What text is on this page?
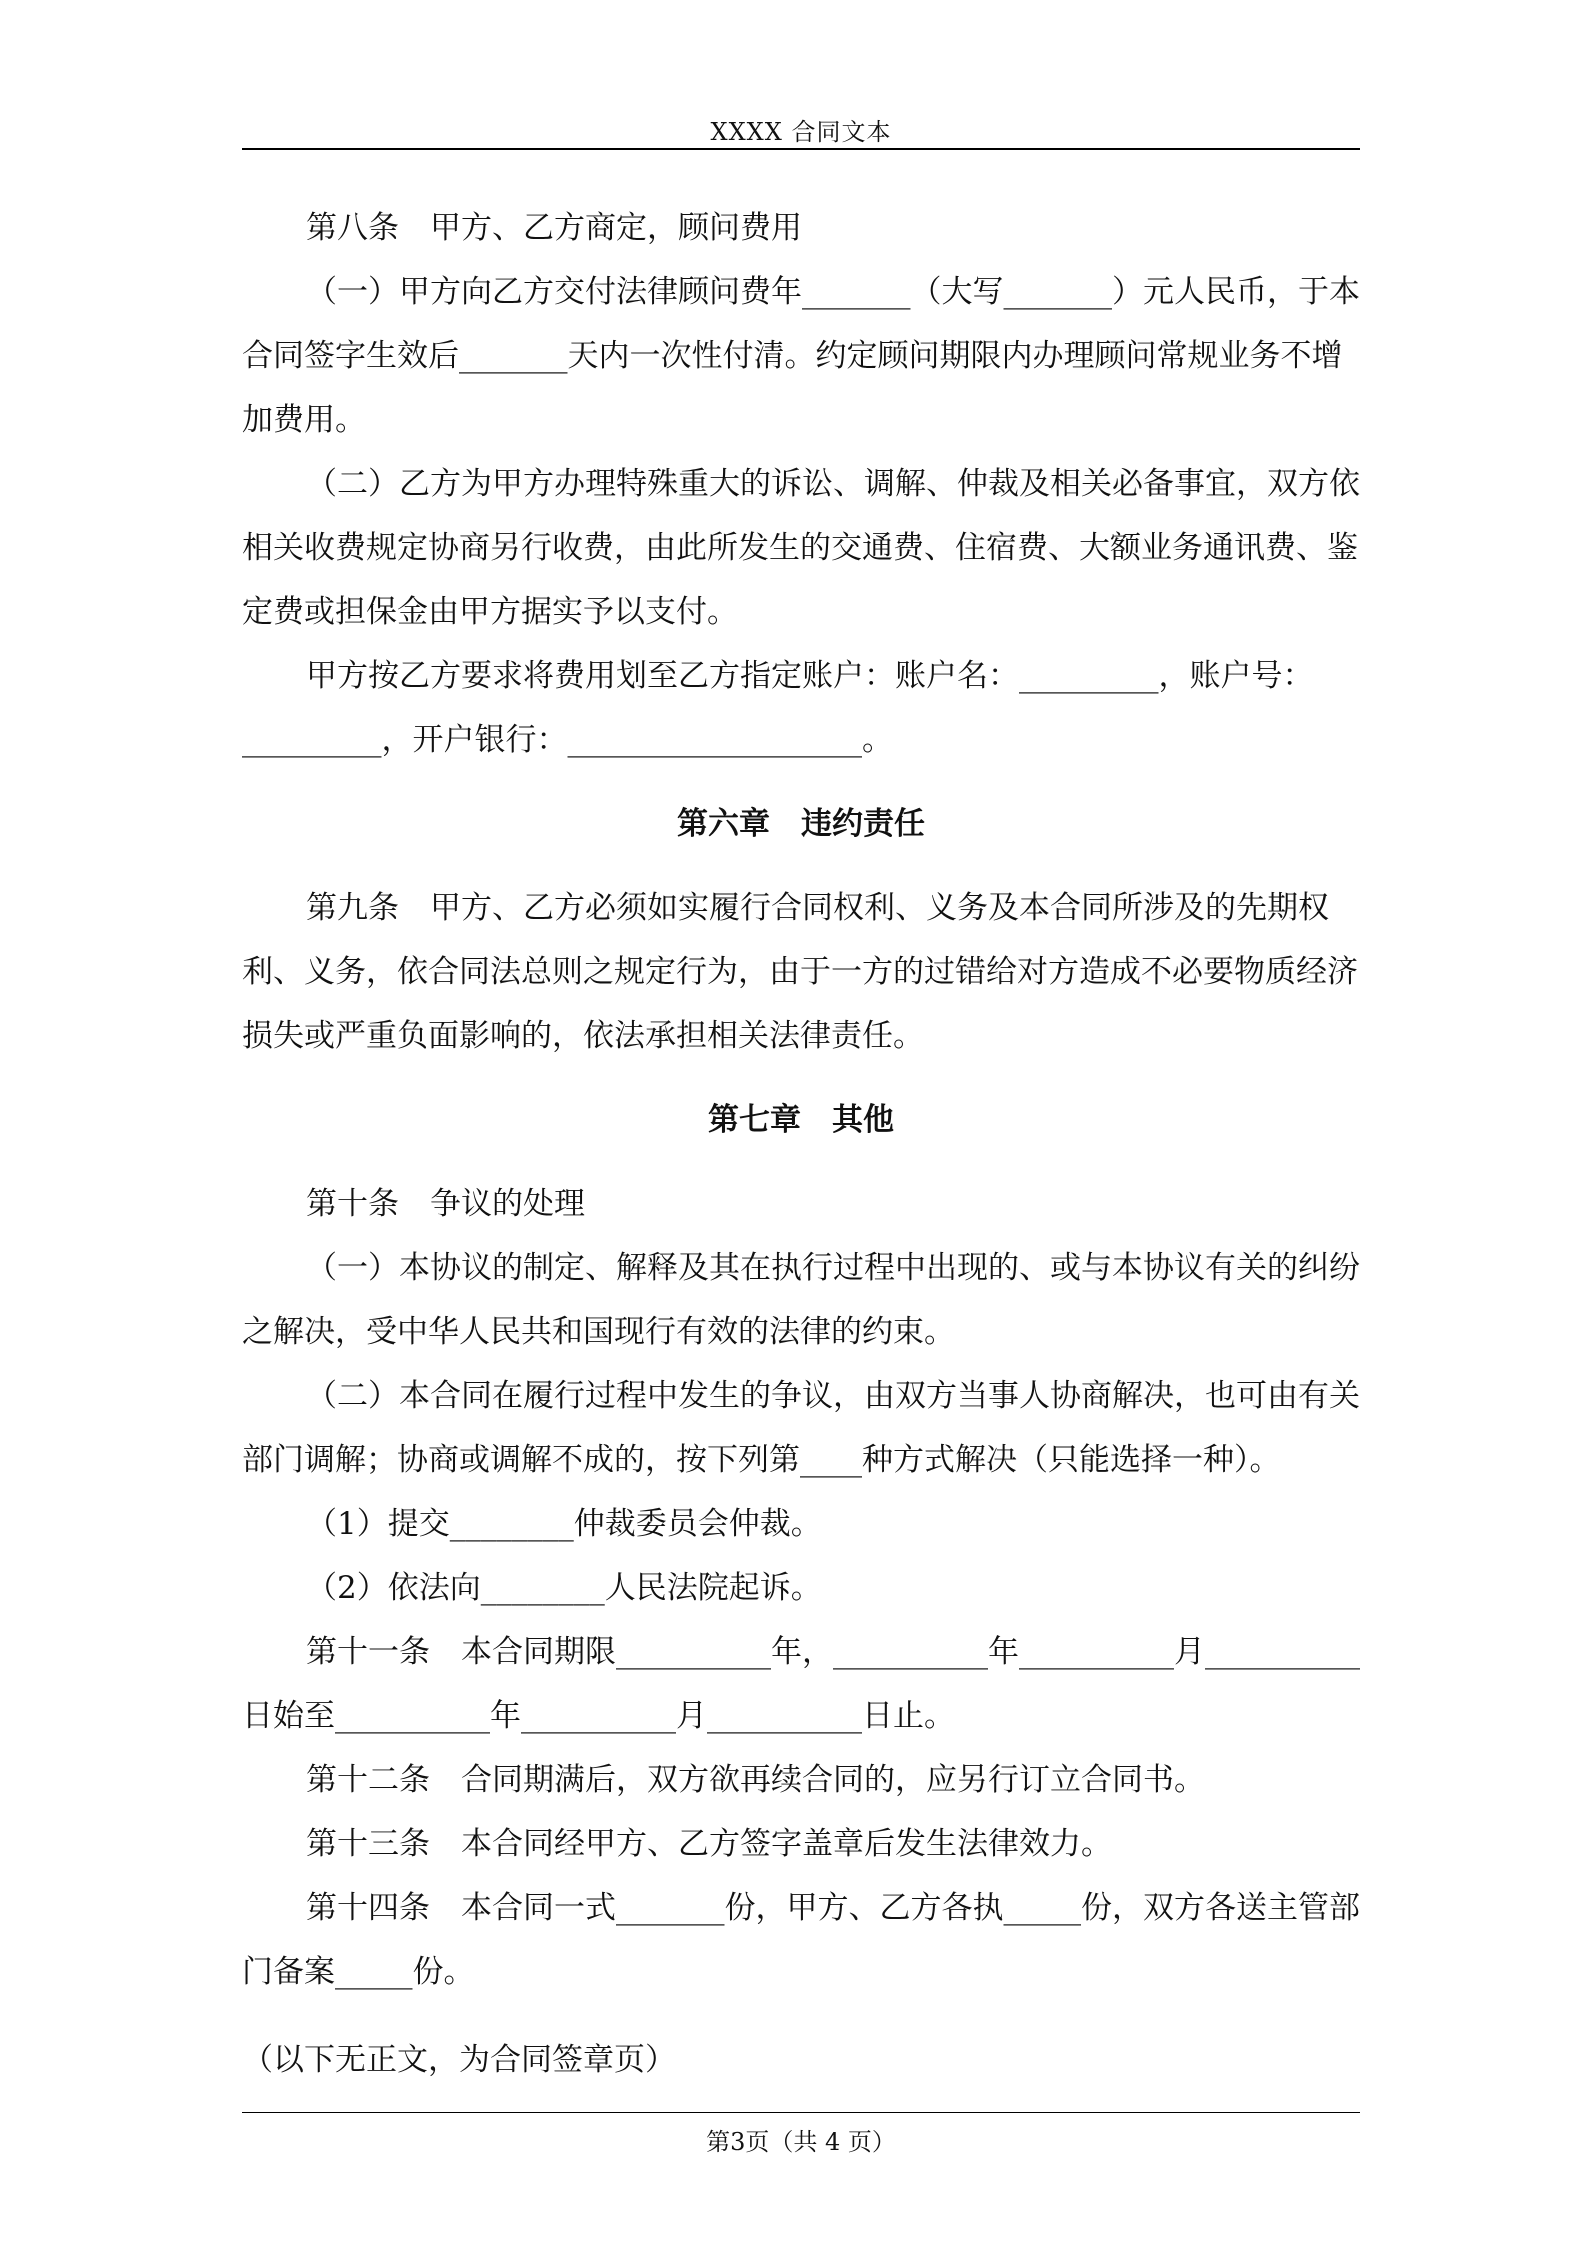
XXXX 合同文本

第八条　甲方、乙方商定，顾问费用

（一）甲方向乙方交付法律顾问费年_______（大写_______）元人民币，于本合同签字生效后_______天内一次性付清。约定顾问期限内办理顾问常规业务不增加费用。

（二）乙方为甲方办理特殊重大的诉讼、调解、仲裁及相关必备事宜，双方依相关收费规定协商另行收费，由此所发生的交通费、住宿费、大额业务通讯费、鉴定费或担保金由甲方据实予以支付。

甲方按乙方要求将费用划至乙方指定账户：账户名：_________，账户号：_________，开户银行：___________________。

第六章　违约责任

第九条　甲方、乙方必须如实履行合同权利、义务及本合同所涉及的先期权利、义务，依合同法总则之规定行为，由于一方的过错给对方造成不必要物质经济损失或严重负面影响的，依法承担相关法律责任。

第七章　其他

第十条　争议的处理

（一）本协议的制定、解释及其在执行过程中出现的、或与本协议有关的纠纷之解决，受中华人民共和国现行有效的法律的约束。

（二）本合同在履行过程中发生的争议，由双方当事人协商解决，也可由有关部门调解；协商或调解不成的，按下列第____种方式解决（只能选择一种）。

（1）提交________仲裁委员会仲裁。

（2）依法向________人民法院起诉。

第十一条　本合同期限__________年，__________年__________月__________日始至__________年__________月__________日止。

第十二条　合同期满后，双方欲再续合同的，应另行订立合同书。

第十三条　本合同经甲方、乙方签字盖章后发生法律效力。

第十四条　本合同一式_______份，甲方、乙方各执_____份，双方各送主管部门备案_____份。

（以下无正文，为合同签章页）

第3页（共 4 页）
